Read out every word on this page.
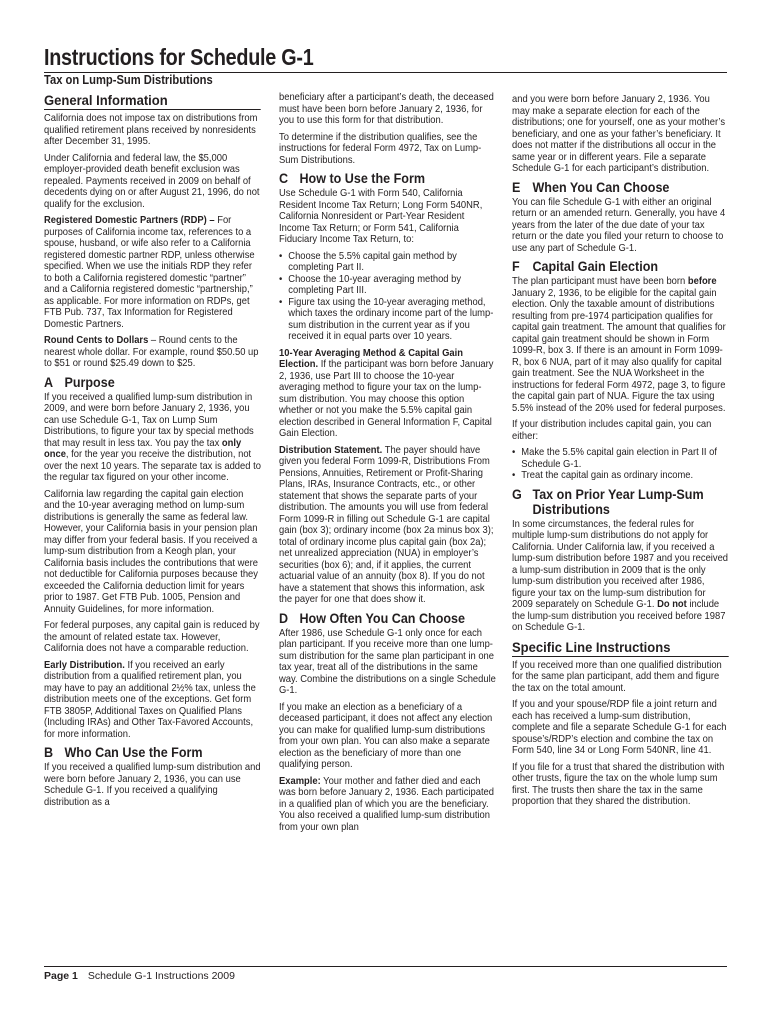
Instructions for Schedule G-1
Tax on Lump-Sum Distributions
General Information

California does not impose tax on distributions from qualified retirement plans received by nonresidents after December 31, 1995.

Under California and federal law, the $5,000 employer-provided death benefit exclusion was repealed. Payments received in 2009 on behalf of decedents dying on or after August 21, 1996, do not qualify for the exclusion.

Registered Domestic Partners (RDP) – For purposes of California income tax, references to a spouse, husband, or wife also refer to a California registered domestic partner RDP, unless otherwise specified. When we use the initials RDP they refer to both a California registered domestic “partner” and a California registered domestic “partnership,” as applicable. For more information on RDPs, get FTB Pub. 737, Tax Information for Registered Domestic Partners.

Round Cents to Dollars – Round cents to the nearest whole dollar. For example, round $50.50 up to $51 or round $25.49 down to $25.

A Purpose

If you received a qualified lump-sum distribution in 2009, and were born before January 2, 1936, you can use Schedule G-1, Tax on Lump Sum Distributions, to figure your tax by special methods that may result in less tax. You pay the tax only once, for the year you receive the distribution, not over the next 10 years. The separate tax is added to the regular tax figured on your other income.

California law regarding the capital gain election and the 10-year averaging method on lump-sum distributions is generally the same as federal law. However, your California basis in your pension plan may differ from your federal basis. If you received a lump-sum distribution from a Keogh plan, your California basis includes the contributions that were not deductible for California purposes because they exceeded the California deduction limit for years prior to 1987. Get FTB Pub. 1005, Pension and Annuity Guidelines, for more information.

For federal purposes, any capital gain is reduced by the amount of related estate tax. However, California does not have a comparable reduction.

Early Distribution. If you received an early distribution from a qualified retirement plan, you may have to pay an additional 2½% tax, unless the distribution meets one of the exceptions. Get form FTB 3805P, Additional Taxes on Qualified Plans (Including IRAs) and Other Tax-Favored Accounts, for more information.

B Who Can Use the Form

If you received a qualified lump-sum distribution and were born before January 2, 1936, you can use Schedule G-1. If you received a qualifying distribution as a

beneficiary after a participant’s death, the deceased must have been born before January 2, 1936, for you to use this form for that distribution.

To determine if the distribution qualifies, see the instructions for federal Form 4972, Tax on Lump-Sum Distributions.

C How to Use the Form

Use Schedule G-1 with Form 540, California Resident Income Tax Return; Long Form 540NR, California Nonresident or Part-Year Resident Income Tax Return; or Form 541, California Fiduciary Income Tax Return, to:

• Choose the 5.5% capital gain method by completing Part II.
• Choose the 10-year averaging method by completing Part III.
• Figure tax using the 10-year averaging method, which taxes the ordinary income part of the lump-sum distribution in the current year as if you received it in equal parts over 10 years.

10-Year Averaging Method & Capital Gain Election. If the participant was born before January 2, 1936, use Part III to choose the 10-year averaging method to figure your tax on the lump-sum distribution. You may choose this option whether or not you make the 5.5% capital gain election described in General Information F, Capital Gain Election.

Distribution Statement. The payer should have given you federal Form 1099-R, Distributions From Pensions, Annuities, Retirement or Profit-Sharing Plans, IRAs, Insurance Contracts, etc., or other statement that shows the separate parts of your distribution. The amounts you will use from federal Form 1099-R in filling out Schedule G-1 are capital gain (box 3); ordinary income (box 2a minus box 3); total of ordinary income plus capital gain (box 2a); net unrealized appreciation (NUA) in employer’s securities (box 6); and, if it applies, the current actuarial value of an annuity (box 8). If you do not have a statement that shows this information, ask the payer for one that does show it.

D How Often You Can Choose

After 1986, use Schedule G-1 only once for each plan participant. If you receive more than one lump-sum distribution for the same plan participant in one tax year, treat all of the distributions in the same way. Combine the distributions on a single Schedule G-1.

If you make an election as a beneficiary of a deceased participant, it does not affect any election you can make for qualified lump-sum distributions from your own plan. You can also make a separate election as the beneficiary of more than one qualifying person.

Example: Your mother and father died and each was born before January 2, 1936. Each participated in a qualified plan of which you are the beneficiary. You also received a qualified lump-sum distribution from your own plan

and you were born before January 2, 1936. You may make a separate election for each of the distributions; one for yourself, one as your mother’s beneficiary, and one as your father’s beneficiary. It does not matter if the distributions all occur in the same year or in different years. File a separate Schedule G-1 for each participant’s distribution.

E When You Can Choose

You can file Schedule G-1 with either an original return or an amended return. Generally, you have 4 years from the later of the due date of your tax return or the date you filed your return to choose to use any part of Schedule G-1.

F Capital Gain Election

The plan participant must have been born before January 2, 1936, to be eligible for the capital gain election. Only the taxable amount of distributions resulting from pre-1974 participation qualifies for capital gain treatment. The amount that qualifies for capital gain treatment should be shown in Form 1099-R, box 3. If there is an amount in Form 1099-R, box 6 NUA, part of it may also qualify for capital gain treatment. See the NUA Worksheet in the instructions for federal Form 4972, page 3, to figure the capital gain part of NUA. Figure the tax using 5.5% instead of the 20% used for federal purposes.

If your distribution includes capital gain, you can either:

• Make the 5.5% capital gain election in Part II of Schedule G-1.
• Treat the capital gain as ordinary income.
G Tax on Prior Year Lump-Sum Distributions

In some circumstances, the federal rules for multiple lump-sum distributions do not apply for California. Under California law, if you received a lump-sum distribution before 1987 and you received a lump-sum distribution in 2009 that is the only lump-sum distribution you received after 1986, figure your tax on the lump-sum distribution for 2009 separately on Schedule G-1. Do not include the lump-sum distribution you received before 1987 on Schedule G-1.

Specific Line Instructions

If you received more than one qualified distribution for the same plan participant, add them and figure the tax on the total amount.

If you and your spouse/RDP file a joint return and each has received a lump-sum distribution, complete and file a separate Schedule G-1 for each spouse’s/RDP’s election and combine the tax on Form 540, line 34 or Long Form 540NR, line 41.

If you file for a trust that shared the distribution with other trusts, figure the tax on the whole lump sum first. The trusts then share the tax in the same proportion that they shared the distribution.

Page 1 Schedule G-1 Instructions 2009
